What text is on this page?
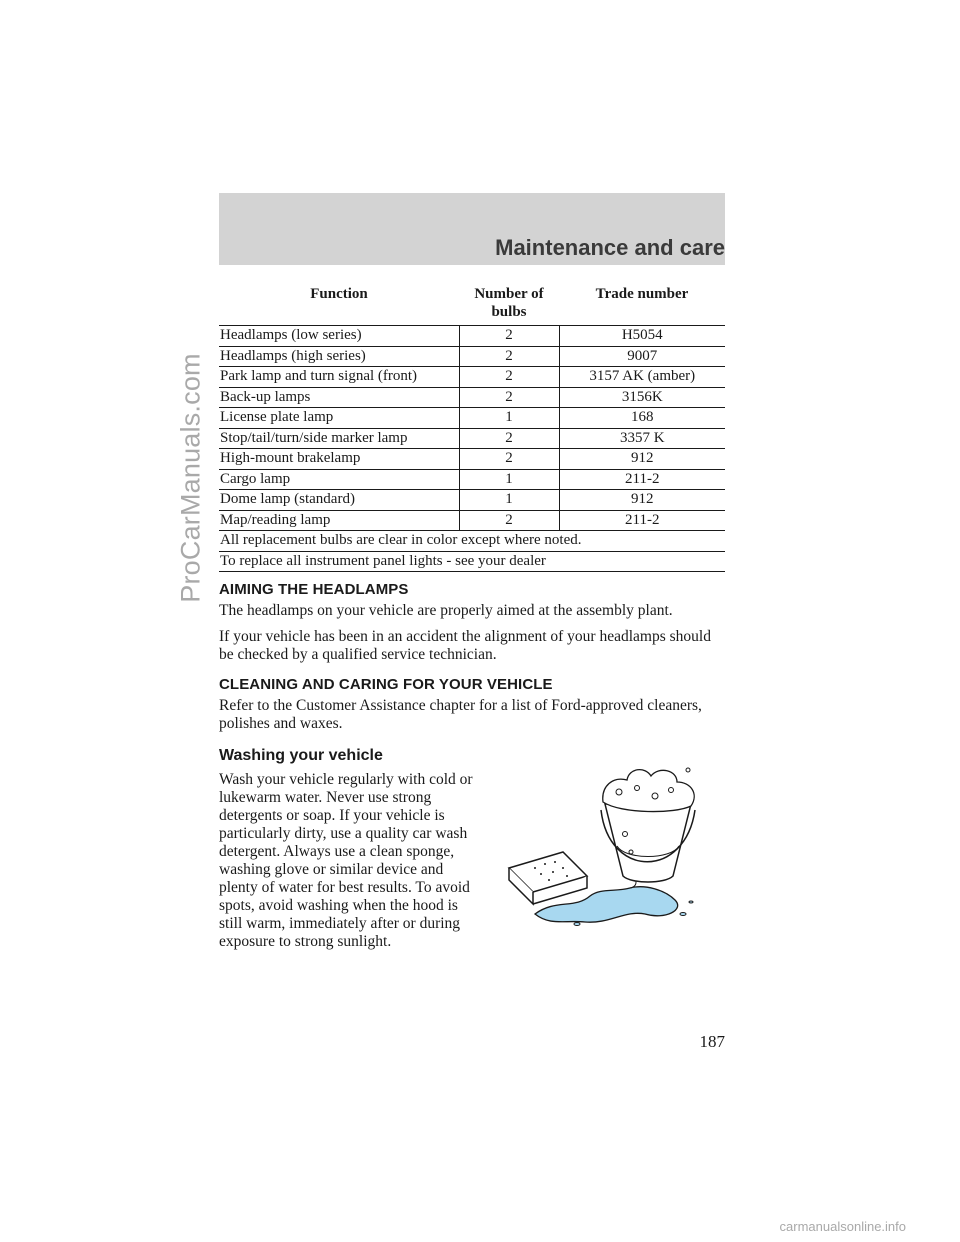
ProCarManuals.com
carmanualsonline.info
Maintenance and care
Function	Number of bulbs	Trade number
Headlamps (low series)	2	H5054
Headlamps (high series)	2	9007
Park lamp and turn signal (front)	2	3157 AK (amber)
Back-up lamps	2	3156K
License plate lamp	1	168
Stop/tail/turn/side marker lamp	2	3357 K
High-mount brakelamp	2	912
Cargo lamp	1	211-2
Dome lamp (standard)	1	912
Map/reading lamp	2	211-2
All replacement bulbs are clear in color except where noted.		
To replace all instrument panel lights - see your dealer		
AIMING THE HEADLAMPS

The headlamps on your vehicle are properly aimed at the assembly plant.

If your vehicle has been in an accident the alignment of your headlamps should be checked by a qualified service technician.

CLEANING AND CARING FOR YOUR VEHICLE

Refer to the Customer Assistance chapter for a list of Ford-approved cleaners, polishes and waxes.

Washing your vehicle

Wash your vehicle regularly with cold or lukewarm water. Never use strong detergents or soap. If your vehicle is particularly dirty, use a quality car wash detergent. Always use a clean sponge, washing glove or similar device and plenty of water for best results. To avoid spots, avoid washing when the hood is still warm, immediately after or during exposure to strong sunlight.

187
